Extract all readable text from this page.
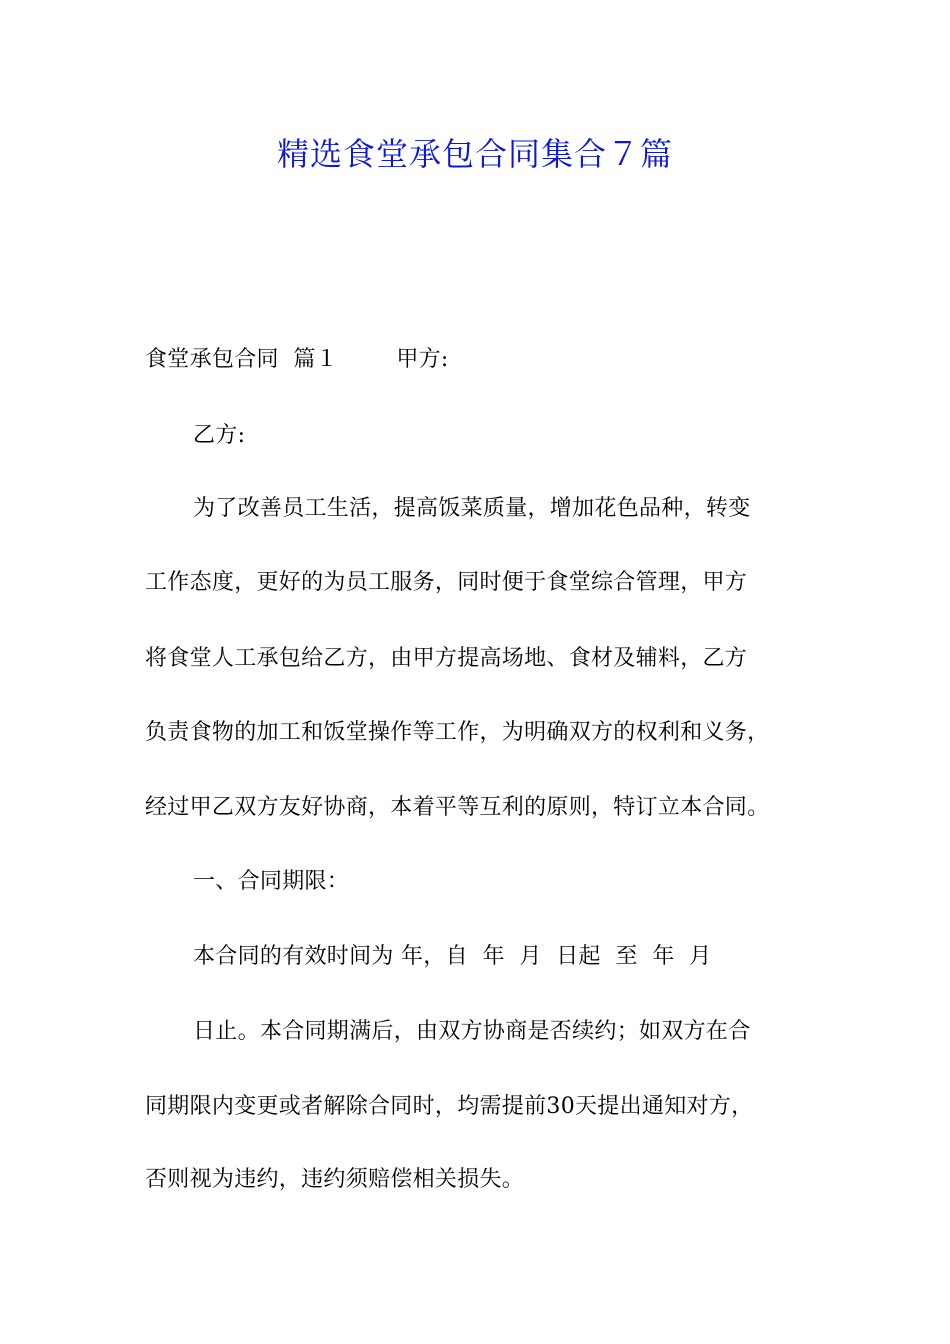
精选食堂承包合同集合７篇
食堂承包合同  篇１        甲方:
乙方:
为了改善员工生活，提高饭菜质量，增加花色品种，转变
工作态度，更好的为员工服务，同时便于食堂综合管理，甲方
将食堂人工承包给乙方，由甲方提高场地、食材及辅料，乙方
负责食物的加工和饭堂操作等工作，为明确双方的权利和义务，
经过甲乙双方友好协商，本着平等互利的原则，特订立本合同。
一、合同期限：
本合同的有效时间为 年，自  年  月  日起  至  年  月
日止。本合同期满后，由双方协商是否续约；如双方在合
同期限内变更或者解除合同时，均需提前30天提出通知对方，
否则视为违约，违约须赔偿相关损失。
